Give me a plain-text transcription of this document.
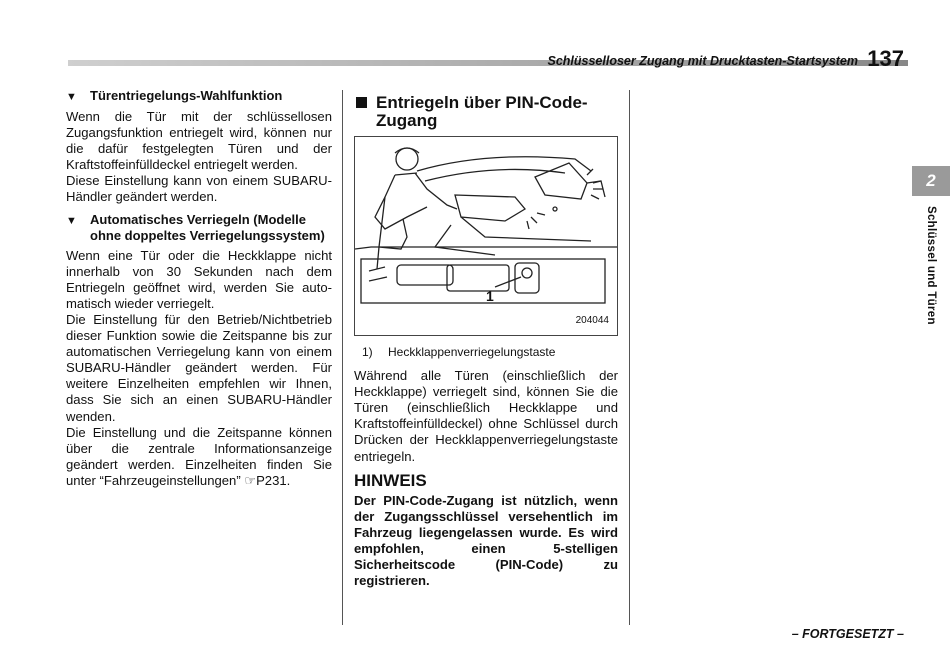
Schlüsselloser Zugang mit Drucktasten-Startsystem 137
2
Schlüssel und Türen
▼	Türentriegelungs-Wahlfunktion

Wenn die Tür mit der schlüssellosen Zugangsfunktion entriegelt wird, können nur die dafür festgelegten Türen und der Kraftstoffeinfülldeckel entriegelt werden.

Diese Einstellung kann von einem SUBARU-Händler geändert werden.

▼	Automatisches Verriegeln (Modelle ohne doppeltes Verriegelungssystem)

Wenn eine Tür oder die Heckklappe nicht innerhalb von 30 Sekunden nach dem Entriegeln geöffnet wird, werden Sie automatisch wieder verriegelt.

Die Einstellung für den Betrieb/Nichtbetrieb dieser Funktion sowie die Zeitspanne bis zur automatischen Verriegelung kann von einem SUBARU-Händler geändert werden. Für weitere Einzelheiten empfehlen wir Ihnen, dass Sie sich an einen SUBARU-Händler wenden.

Die Einstellung und die Zeitspanne können über die zentrale Informationsanzeige geändert werden. Einzelheiten finden Sie unter “Fahrzeugeinstellungen” ☞P231.

Entriegeln über PIN-Code-Zugang
1
204044
1)	Heckklappenverriegelungstaste

Während alle Türen (einschließlich der Heckklappe) verriegelt sind, können Sie die Türen (einschließlich Heckklappe und Kraftstoffeinfülldeckel) ohne Schlüssel durch Drücken der Heckklappenverriegelungstaste entriegeln.

HINWEIS

Der PIN-Code-Zugang ist nützlich, wenn der Zugangsschlüssel versehentlich im Fahrzeug liegengelassen wurde. Es wird empfohlen, einen 5-stelligen Sicherheitscode (PIN-Code) zu registrieren.

– FORTGESETZT –
